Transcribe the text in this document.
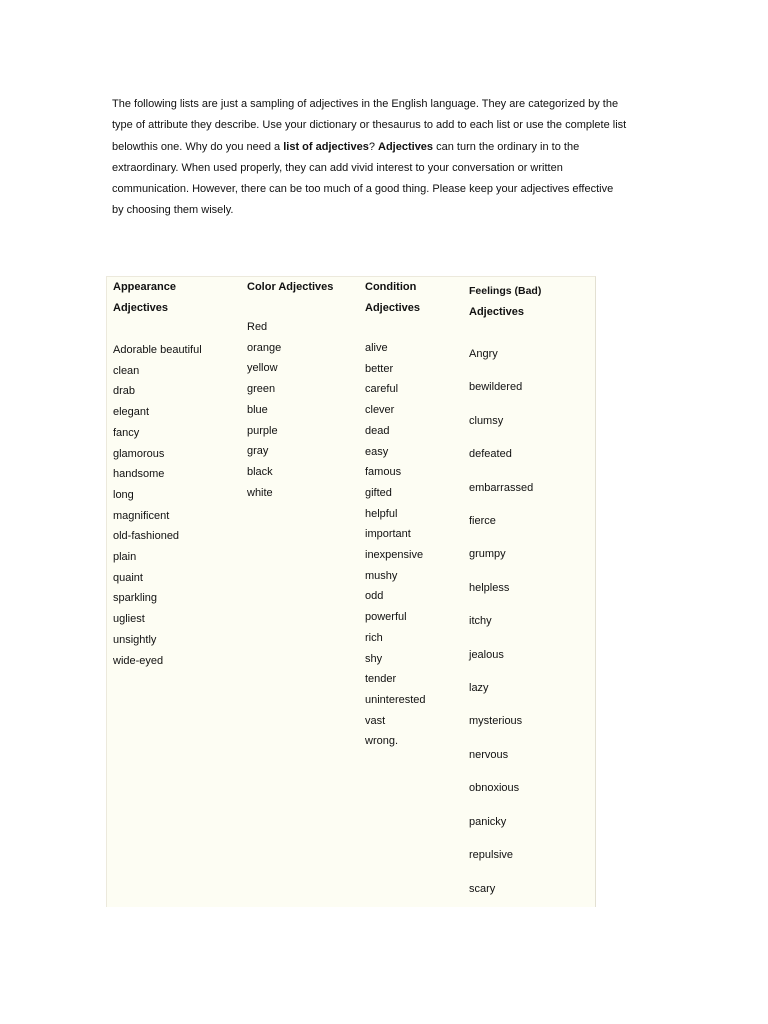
The following lists are just a sampling of adjectives in the English language. They are categorized by the
type of attribute they describe. Use your dictionary or thesaurus to add to each list or use the complete list
belowthis one. Why do you need a list of adjectives? Adjectives can turn the ordinary in to the
extraordinary. When used properly, they can add vivid interest to your conversation or written
communication. However, there can be too much of a good thing. Please keep your adjectives effective
by choosing them wisely.
Appearance
Adjectives
Adorable beautiful
clean
drab
elegant
fancy
glamorous
handsome
long
magnificent
old-fashioned
plain
quaint
sparkling
ugliest
unsightly
wide-eyed
Color Adjectives
Red
orange
yellow
green
blue
purple
gray
black
white
Condition
Adjectives
alive
better
careful
clever
dead
easy
famous
gifted
helpful
important
inexpensive
mushy
odd
powerful
rich
shy
tender
uninterested
vast
wrong.
Feelings (Bad)
Adjectives
Angry
bewildered
clumsy
defeated
embarrassed
fierce
grumpy
helpless
itchy
jealous
lazy
mysterious
nervous
obnoxious
panicky
repulsive
scary
